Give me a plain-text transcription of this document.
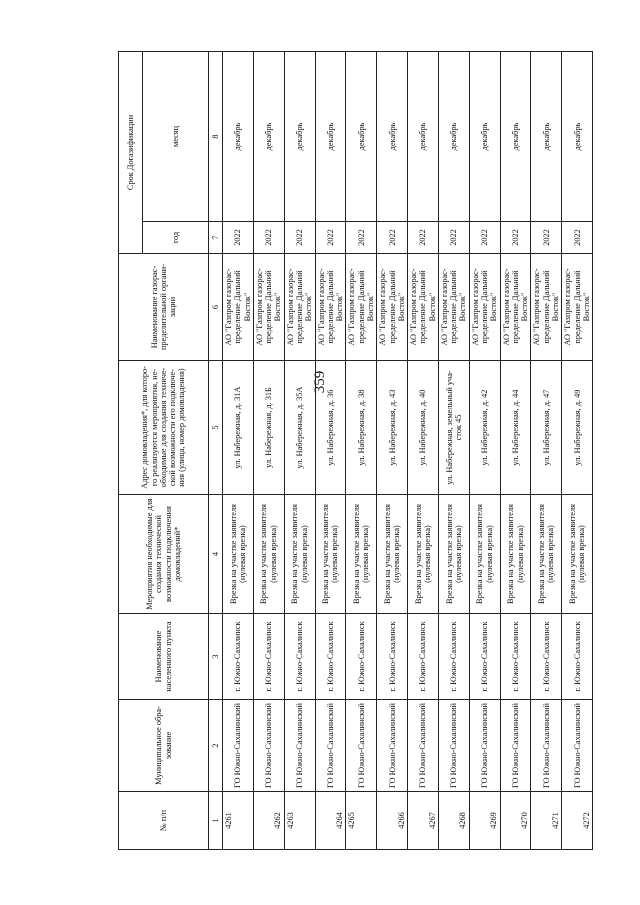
359
№ п/п	Муниципальное обра-зование	Наименование населенного пункта	Мероприятия необходимые для создания технической возможности подключения домовладений*	Адрес домовладения*, для которо-го реализуются мероприятия, не-обходимые для создания техниче-ской возможности его подключе-ния (улица, номер домовладения)	Наименование газорас-пределительной органи-зации	Срок Догазификации	
						год	месяц
1	2	3	4	5	6	7	8
4261	ГО Южно-Сахалинский	г. Южно-Сахалинск	Врезка на участке заявителя (нулевая врезка)	ул. Набережная, д. 31А	АО "Газпром газорас-пределение Дальний Восток"	2022	декабрь
4262	ГО Южно-Сахалинский	г. Южно-Сахалинск	Врезка на участке заявителя (нулевая врезка)	ул. Набережная, д. 31Б	АО "Газпром газорас-пределение Дальний Восток"	2022	декабрь
4263	ГО Южно-Сахалинский	г. Южно-Сахалинск	Врезка на участке заявителя (нулевая врезка)	ул. Набережная, д. 35А	АО "Газпром газорас-пределение Дальний Восток"	2022	декабрь
4264	ГО Южно-Сахалинский	г. Южно-Сахалинск	Врезка на участке заявителя (нулевая врезка)	ул. Набережная, д. 36	АО "Газпром газорас-пределение Дальний Восток"	2022	декабрь
4265	ГО Южно-Сахалинский	г. Южно-Сахалинск	Врезка на участке заявителя (нулевая врезка)	ул. Набережная, д. 38	АО "Газпром газорас-пределение Дальний Восток"	2022	декабрь
4266	ГО Южно-Сахалинский	г. Южно-Сахалинск	Врезка на участке заявителя (нулевая врезка)	ул. Набережная, д. 43	АО "Газпром газорас-пределение Дальний Восток"	2022	декабрь
4267	ГО Южно-Сахалинский	г. Южно-Сахалинск	Врезка на участке заявителя (нулевая врезка)	ул. Набережная, д. 40	АО "Газпром газорас-пределение Дальний Восток"	2022	декабрь
4268	ГО Южно-Сахалинский	г. Южно-Сахалинск	Врезка на участке заявителя (нулевая врезка)	ул. Набережная, земельный уча-сток 45	АО "Газпром газорас-пределение Дальний Восток"	2022	декабрь
4269	ГО Южно-Сахалинский	г. Южно-Сахалинск	Врезка на участке заявителя (нулевая врезка)	ул. Набережная, д. 42	АО "Газпром газорас-пределение Дальний Восток"	2022	декабрь
4270	ГО Южно-Сахалинский	г. Южно-Сахалинск	Врезка на участке заявителя (нулевая врезка)	ул. Набережная, д. 44	АО "Газпром газорас-пределение Дальний Восток"	2022	декабрь
4271	ГО Южно-Сахалинский	г. Южно-Сахалинск	Врезка на участке заявителя (нулевая врезка)	ул. Набережная, д. 47	АО "Газпром газорас-пределение Дальний Восток"	2022	декабрь
4272	ГО Южно-Сахалинский	г. Южно-Сахалинск	Врезка на участке заявителя (нулевая врезка)	ул. Набережная, д. 49	АО "Газпром газорас-пределение Дальний Восток"	2022	декабрь
